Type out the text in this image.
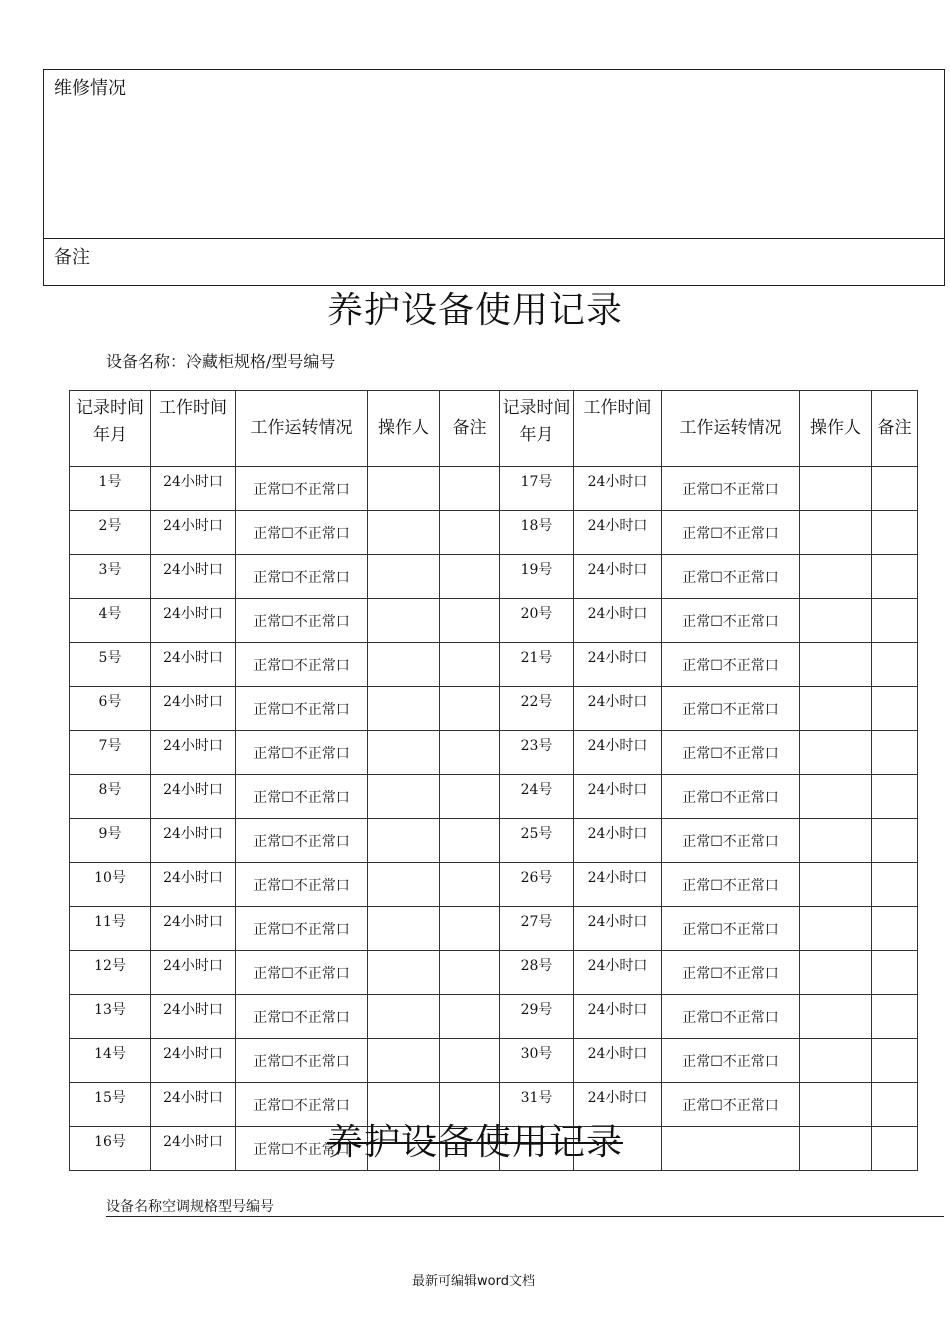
维修情况
备注
养护设备使用记录
设备名称：冷藏柜规格/型号编号
记录时间年月	工作时间	工作运转情况	操作人	备注	记录时间年月	工作时间	工作运转情况	操作人	备注
1号	24小时口	正常☐不正常口			17号	24小时口	正常☐不正常口		
2号	24小时口	正常☐不正常口			18号	24小时口	正常☐不正常口		
3号	24小时口	正常☐不正常口			19号	24小时口	正常☐不正常口		
4号	24小时口	正常☐不正常口			20号	24小时口	正常☐不正常口		
5号	24小时口	正常☐不正常口			21号	24小时口	正常☐不正常口		
6号	24小时口	正常☐不正常口			22号	24小时口	正常☐不正常口		
7号	24小时口	正常☐不正常口			23号	24小时口	正常☐不正常口		
8号	24小时口	正常☐不正常口			24号	24小时口	正常☐不正常口		
9号	24小时口	正常☐不正常口			25号	24小时口	正常☐不正常口		
10号	24小时口	正常☐不正常口			26号	24小时口	正常☐不正常口		
11号	24小时口	正常☐不正常口			27号	24小时口	正常☐不正常口		
12号	24小时口	正常☐不正常口			28号	24小时口	正常☐不正常口		
13号	24小时口	正常☐不正常口			29号	24小时口	正常☐不正常口		
14号	24小时口	正常☐不正常口			30号	24小时口	正常☐不正常口		
15号	24小时口	正常☐不正常口			31号	24小时口	正常☐不正常口		
16号	24小时口	正常☐不正常口							
养护设备使用记录
设备名称空调规格型号编号
最新可编辑word文档
